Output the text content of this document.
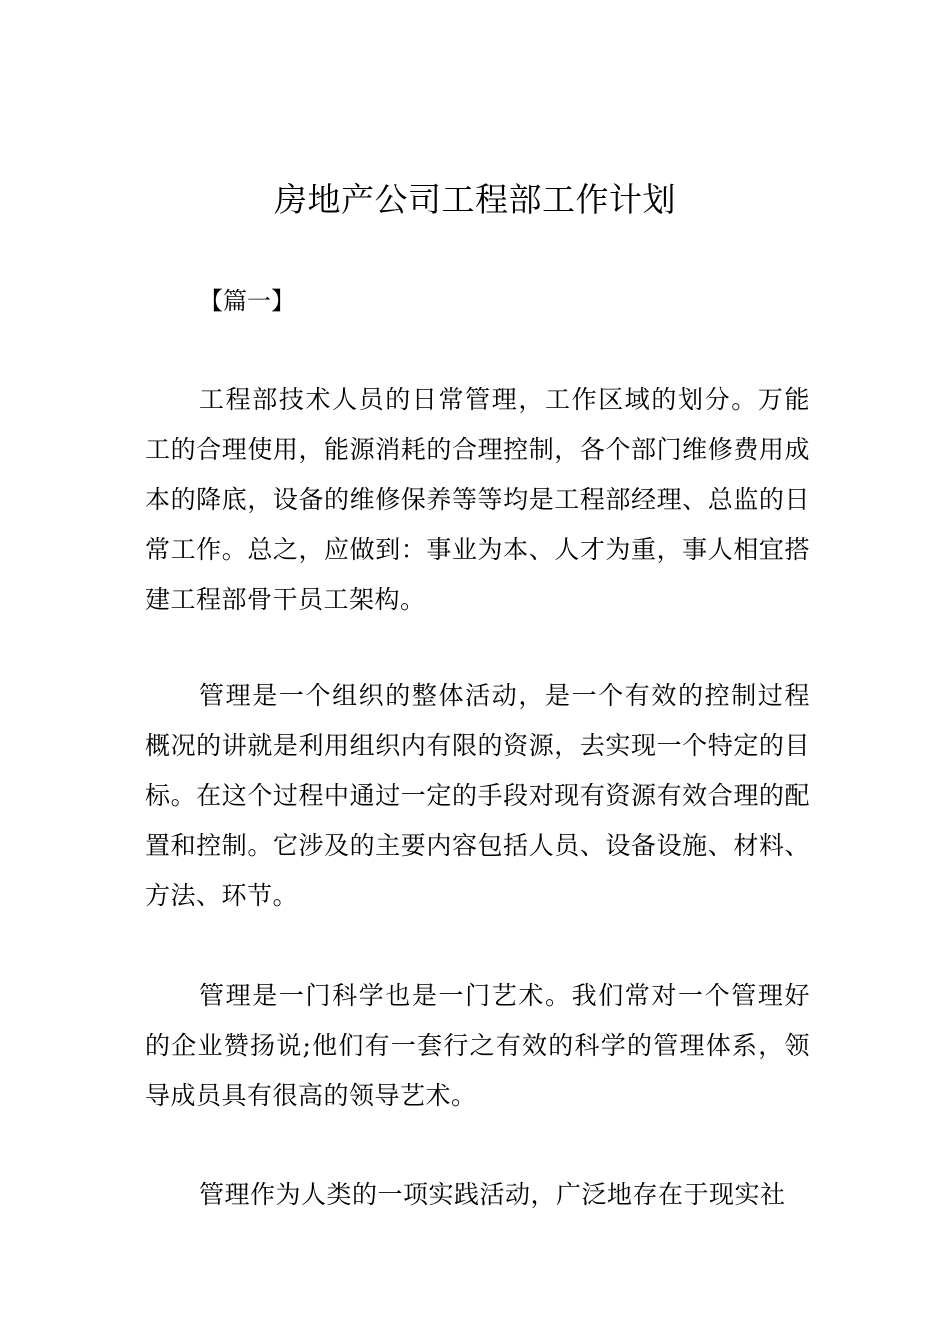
房地产公司工程部工作计划
【篇一】

工程部技术人员的日常管理，工作区域的划分。万能工的合理使用，能源消耗的合理控制，各个部门维修费用成本的降底，设备的维修保养等等均是工程部经理、总监的日常工作。总之，应做到：事业为本、人才为重，事人相宜搭建工程部骨干员工架构。

管理是一个组织的整体活动，是一个有效的控制过程概况的讲就是利用组织内有限的资源，去实现一个特定的目标。在这个过程中通过一定的手段对现有资源有效合理的配置和控制。它涉及的主要内容包括人员、设备设施、材料、方法、环节。

管理是一门科学也是一门艺术。我们常对一个管理好的企业赞扬说;他们有一套行之有效的科学的管理体系，领导成员具有很高的领导艺术。

管理作为人类的一项实践活动，广泛地存在于现实社
